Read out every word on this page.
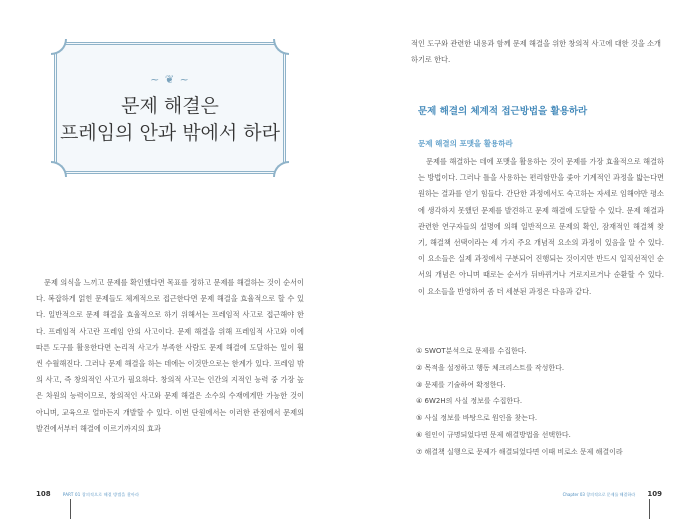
~ ❦ ~
문제 해결은
프레임의 안과 밖에서 하라

문제 의식을 느끼고 문제를 확인했다면 목표를 정하고 문제를 해결하는 것이 순서이다. 복잡하게 얽힌 문제들도 체계적으로 접근한다면 문제 해결을 효율적으로 할 수 있다. 일반적으로 문제 해결을 효율적으로 하기 위해서는 프레임적 사고로 접근해야 한다. 프레임적 사고란 프레임 안의 사고이다. 문제 해결을 위해 프레임적 사고와 이에 따른 도구를 활용한다면 논리적 사고가 부족한 사람도 문제 해결에 도달하는 일이 훨씬 수월해진다. 그러나 문제 해결을 하는 데에는 이것만으로는 한계가 있다. 프레임 밖의 사고, 즉 창의적인 사고가 필요하다. 창의적 사고는 인간의 지적인 능력 중 가장 높은 차원의 능력이므로, 창의적인 사고와 문제 해결은 소수의 수재에게만 가능한 것이 아니며, 교육으로 얼마든지 개발할 수 있다. 이번 단원에서는 이러한 관점에서 문제의 발견에서부터 해결에 이르기까지의 효과

108	PART 01 창의적으로 해결 방법을 찾아라

적인 도구와 관련한 내용과 함께 문제 해결을 위한 창의적 사고에 대한 것을 소개하기로 한다.

문제 해결의 체계적 접근방법을 활용하라
문제 해결의 포맷을 활용하라

문제를 해결하는 데에 포맷을 활용하는 것이 문제를 가장 효율적으로 해결하는 방법이다. 그러나 틀을 사용하는 편리함만을 좇아 기계적인 과정을 밟는다면 원하는 결과를 얻기 힘들다. 간단한 과정에서도 숙고하는 자세로 임해야만 평소에 생각하지 못했던 문제를 발견하고 문제 해결에 도달할 수 있다. 문제 해결과 관련한 연구자들의 설명에 의해 일반적으로 문제의 확인, 잠재적인 해결책 찾기, 해결책 선택이라는 세 가지 주요 개념적 요소의 과정이 있음을 알 수 있다. 이 요소들은 실제 과정에서 구분되어 진행되는 것이지만 반드시 일직선적인 순서의 개념은 아니며 때로는 순서가 뒤바뀌거나 거로지르거나 순환할 수 있다. 이 요소들을 반영하여 좀 더 세분된 과정은 다음과 같다.

① SWOT분석으로 문제를 수집한다.
② 목적을 설정하고 행동 체크리스트를 작성한다.
③ 문제를 기술하여 확정한다.
④ 6W2H의 사실 정보를 수집한다.
⑤ 사실 정보를 바탕으로 원인을 찾는다.
⑥ 원인이 규명되었다면 문제 해결방법을 선택한다.
⑦ 해결책 실행으로 문제가 해결되었다면 이때 비로소 문제 해결이라
Chapter 03 창의적으로 문제를 해결하라 109
